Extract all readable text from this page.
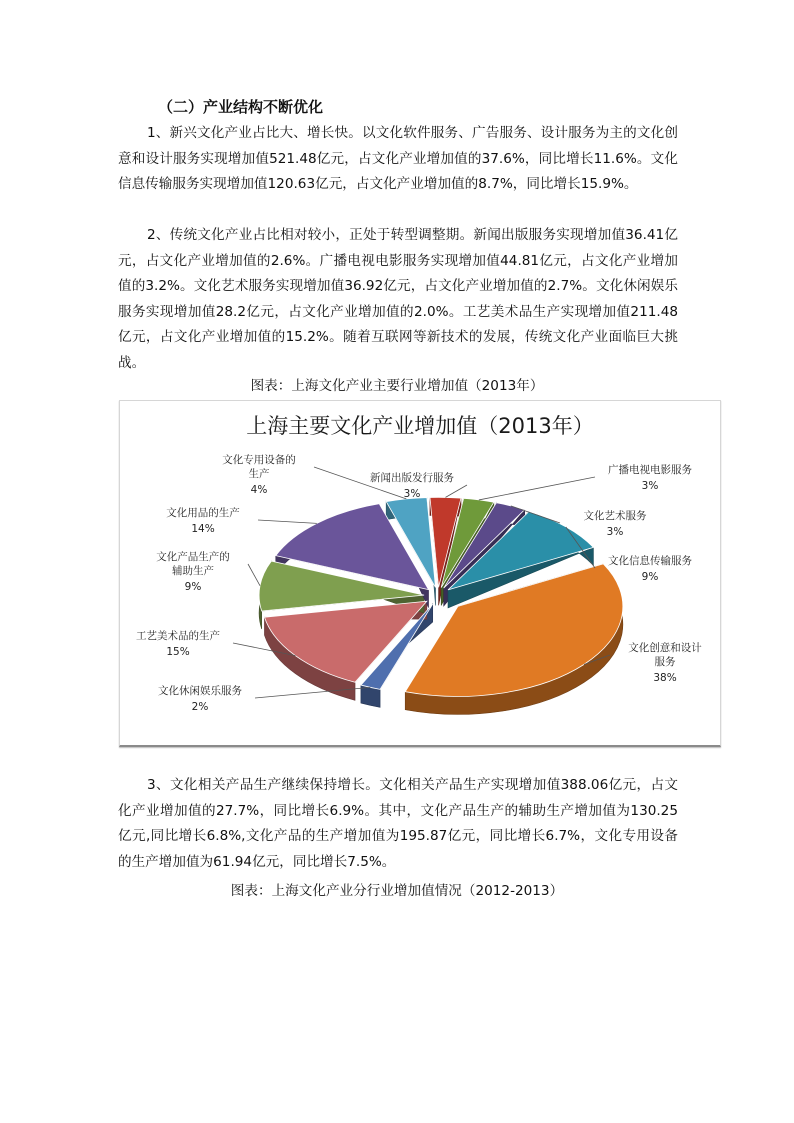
（二）产业结构不断优化
1、新兴文化产业占比大、增长快。以文化软件服务、广告服务、设计服务为主的文化创意和设计服务实现增加值521.48亿元，占文化产业增加值的37.6%，同比增长11.6%。文化信息传输服务实现增加值120.63亿元，占文化产业增加值的8.7%，同比增长15.9%。
2、传统文化产业占比相对较小，正处于转型调整期。新闻出版服务实现增加值36.41亿元，占文化产业增加值的2.6%。广播电视电影服务实现增加值44.81亿元，占文化产业增加值的3.2%。文化艺术服务实现增加值36.92亿元，占文化产业增加值的2.7%。文化休闲娱乐服务实现增加值28.2亿元，占文化产业增加值的2.0%。工艺美术品生产实现增加值211.48亿元，占文化产业增加值的15.2%。随着互联网等新技术的发展，传统文化产业面临巨大挑战。
图表：上海文化产业主要行业增加值（2013年）
上海主要文化产业增加值（2013年）
新闻出版发行服务
3%
广播电视电影服务
3%
文化艺术服务
3%
文化信息传输服务
9%
文化创意和设计服务
38%
文化休闲娱乐服务
2%
工艺美术品的生产
15%
文化产品生产的辅助生产
9%
文化用品的生产
14%
文化专用设备的生产
4%
3、文化相关产品生产继续保持增长。文化相关产品生产实现增加值388.06亿元，占文化产业增加值的27.7%，同比增长6.9%。其中，文化产品生产的辅助生产增加值为130.25亿元,同比增长6.8%,文化产品的生产增加值为195.87亿元，同比增长6.7%，文化专用设备的生产增加值为61.94亿元，同比增长7.5%。
图表：上海文化产业分行业增加值情况（2012-2013）
